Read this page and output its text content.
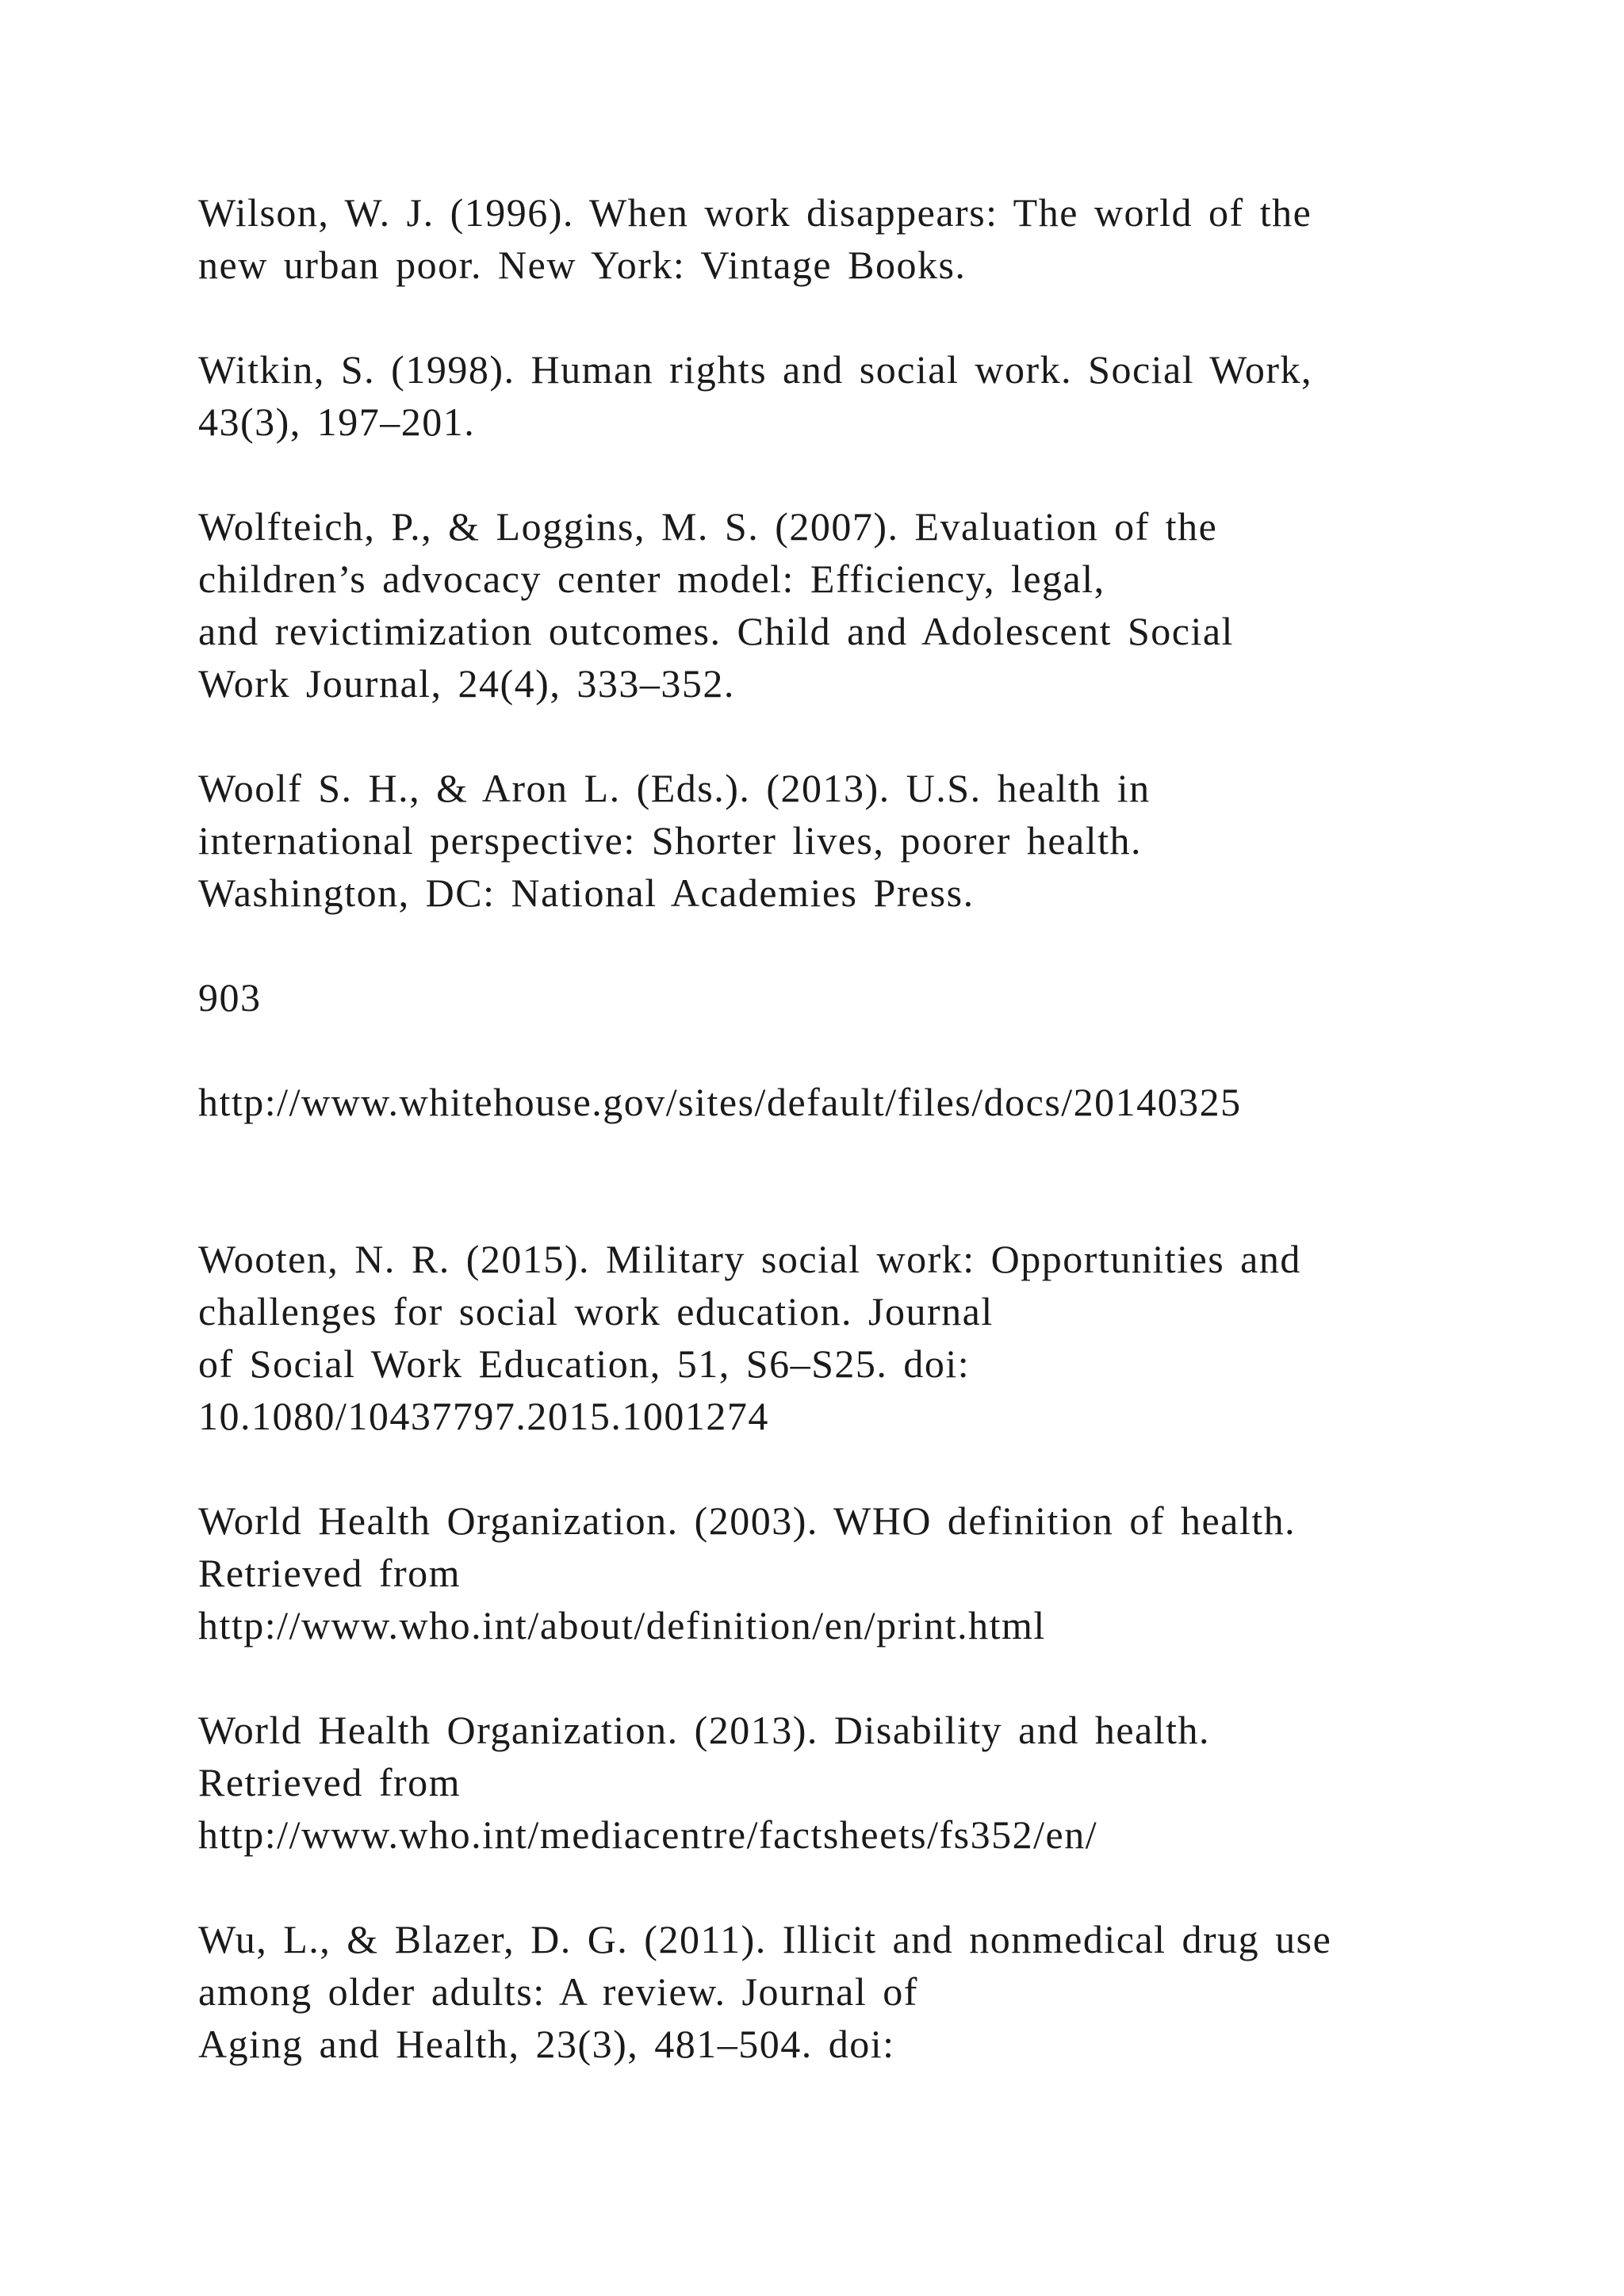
Wilson, W. J. (1996). When work disappears: The world of the
new urban poor. New York: Vintage Books.
Witkin, S. (1998). Human rights and social work. Social Work,
43(3), 197–201.
Wolfteich, P., & Loggins, M. S. (2007). Evaluation of the
children’s advocacy center model: Efficiency, legal,
and revictimization outcomes. Child and Adolescent Social
Work Journal, 24(4), 333–352.
Woolf S. H., & Aron L. (Eds.). (2013). U.S. health in
international perspective: Shorter lives, poorer health.
Washington, DC: National Academies Press.
903
http://www.whitehouse.gov/sites/default/files/docs/20140325
Wooten, N. R. (2015). Military social work: Opportunities and
challenges for social work education. Journal
of Social Work Education, 51, S6–S25. doi:
10.1080/10437797.2015.1001274
World Health Organization. (2003). WHO definition of health.
Retrieved from
http://www.who.int/about/definition/en/print.html
World Health Organization. (2013). Disability and health.
Retrieved from
http://www.who.int/mediacentre/factsheets/fs352/en/
Wu, L., & Blazer, D. G. (2011). Illicit and nonmedical drug use
among older adults: A review. Journal of
Aging and Health, 23(3), 481–504. doi:
